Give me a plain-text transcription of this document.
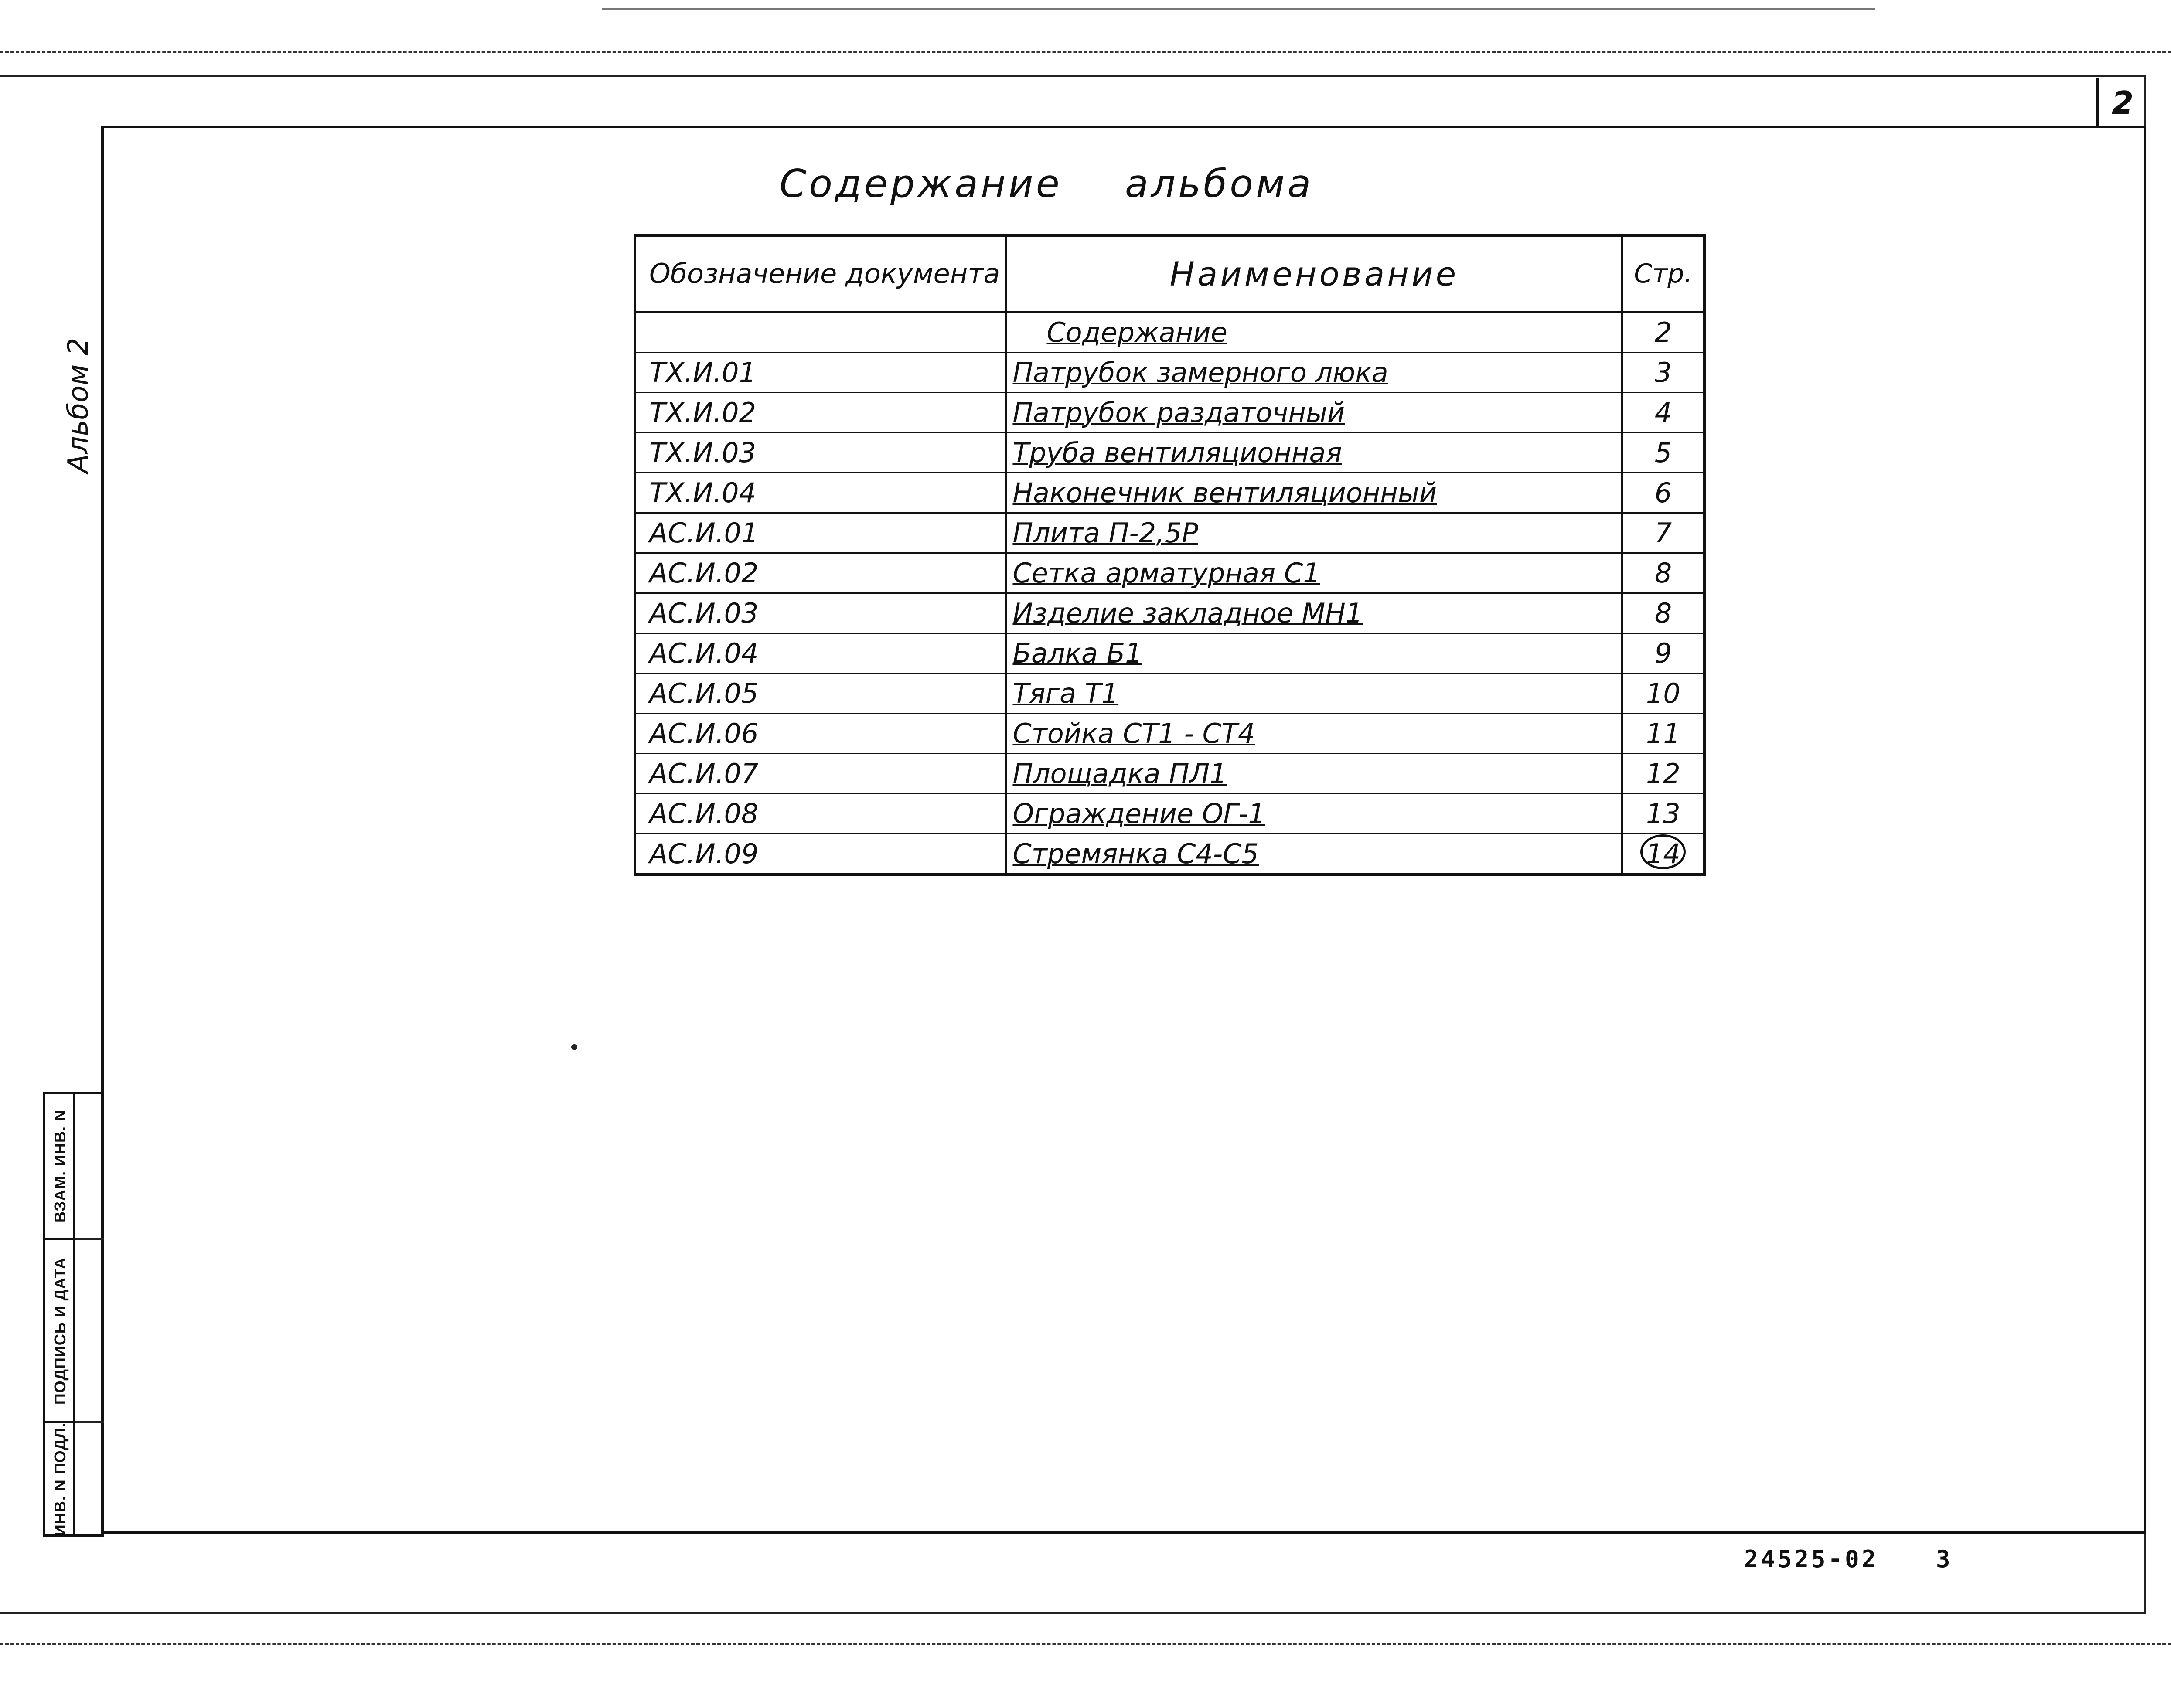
2
Альбом 2
Содержание альбома
Обозначение документа	Наименование	Стр.
	Содержание	2
ТХ.И.01	Патрубок замерного люка	3
ТХ.И.02	Патрубок раздаточный	4
ТХ.И.03	Труба вентиляционная	5
ТХ.И.04	Наконечник вентиляционный	6
АС.И.01	Плита П-2,5Р	7
АС.И.02	Сетка арматурная С1	8
АС.И.03	Изделие закладное МН1	8
АС.И.04	Балка Б1	9
АС.И.05	Тяга Т1	10
АС.И.06	Стойка СТ1 - СТ4	11
АС.И.07	Площадка ПЛ1	12
АС.И.08	Ограждение ОГ-1	13
АС.И.09	Стремянка С4-С5	14
ВЗАМ. ИНВ. N
ПОДПИСЬ И ДАТА
ИНВ. N ПОДЛ.
24525-02 3
